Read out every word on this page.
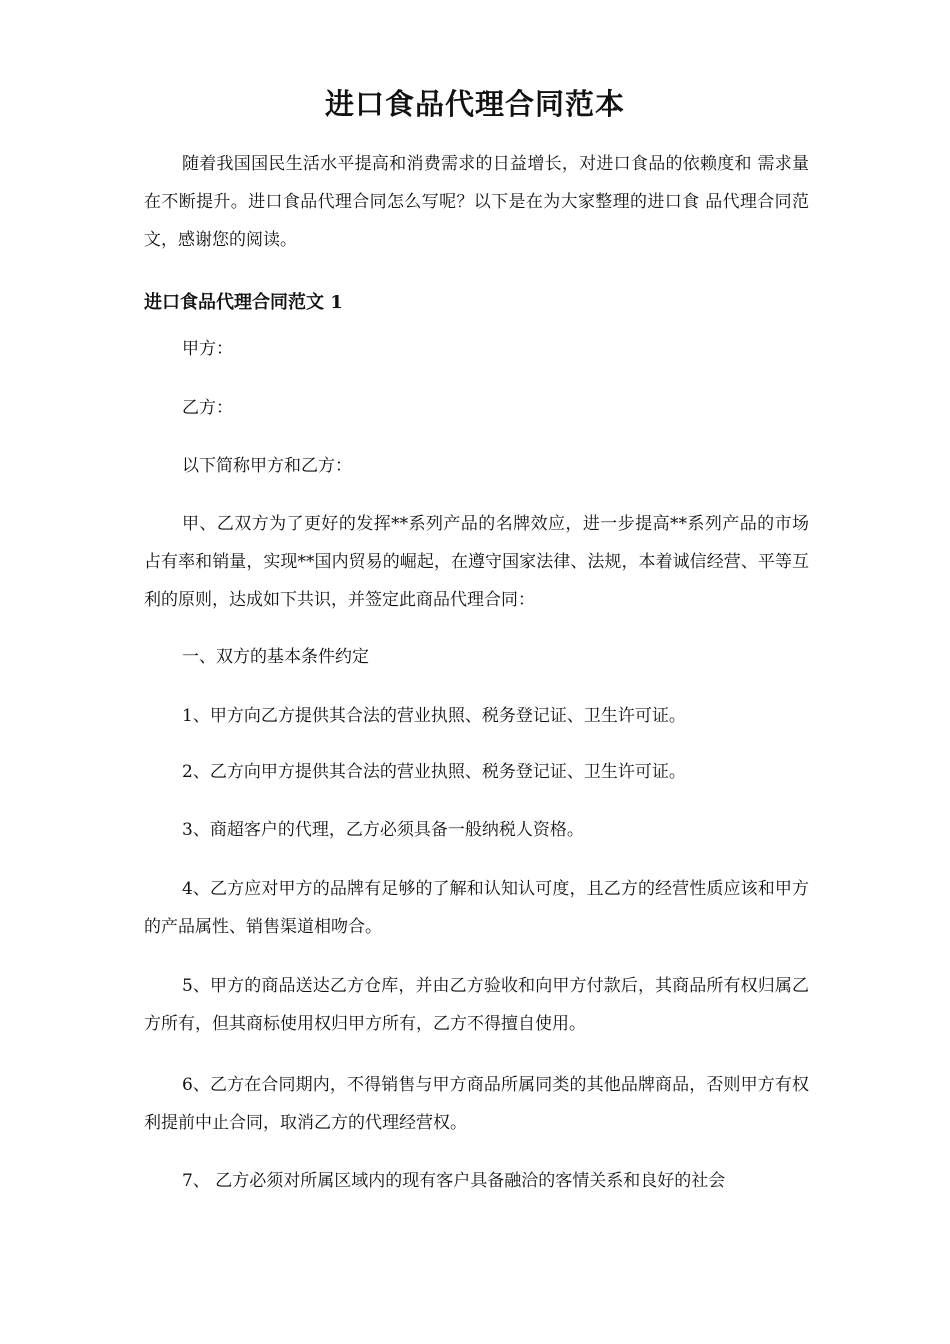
进口食品代理合同范本

随着我国国民生活水平提高和消费需求的日益增长，对进口食品的依赖度和 需求量在不断提升。进口食品代理合同怎么写呢？以下是在为大家整理的进口食 品代理合同范文，感谢您的阅读。

进口食品代理合同范文 1

甲方：

乙方：

以下简称甲方和乙方：

甲、乙双方为了更好的发挥**系列产品的名牌效应，进一步提高**系列产品的市场占有率和销量，实现**国内贸易的崛起，在遵守国家法律、法规，本着诚信经营、平等互利的原则，达成如下共识，并签定此商品代理合同：

一、双方的基本条件约定

1、甲方向乙方提供其合法的营业执照、税务登记证、卫生许可证。

2、乙方向甲方提供其合法的营业执照、税务登记证、卫生许可证。

3、商超客户的代理，乙方必须具备一般纳税人资格。

4、乙方应对甲方的品牌有足够的了解和认知认可度，且乙方的经营性质应该和甲方的产品属性、销售渠道相吻合。

5、甲方的商品送达乙方仓库，并由乙方验收和向甲方付款后，其商品所有权归属乙方所有，但其商标使用权归甲方所有，乙方不得擅自使用。

6、乙方在合同期内，不得销售与甲方商品所属同类的其他品牌商品，否则甲方有权利提前中止合同，取消乙方的代理经营权。

7、 乙方必须对所属区域内的现有客户具备融洽的客情关系和良好的社会
